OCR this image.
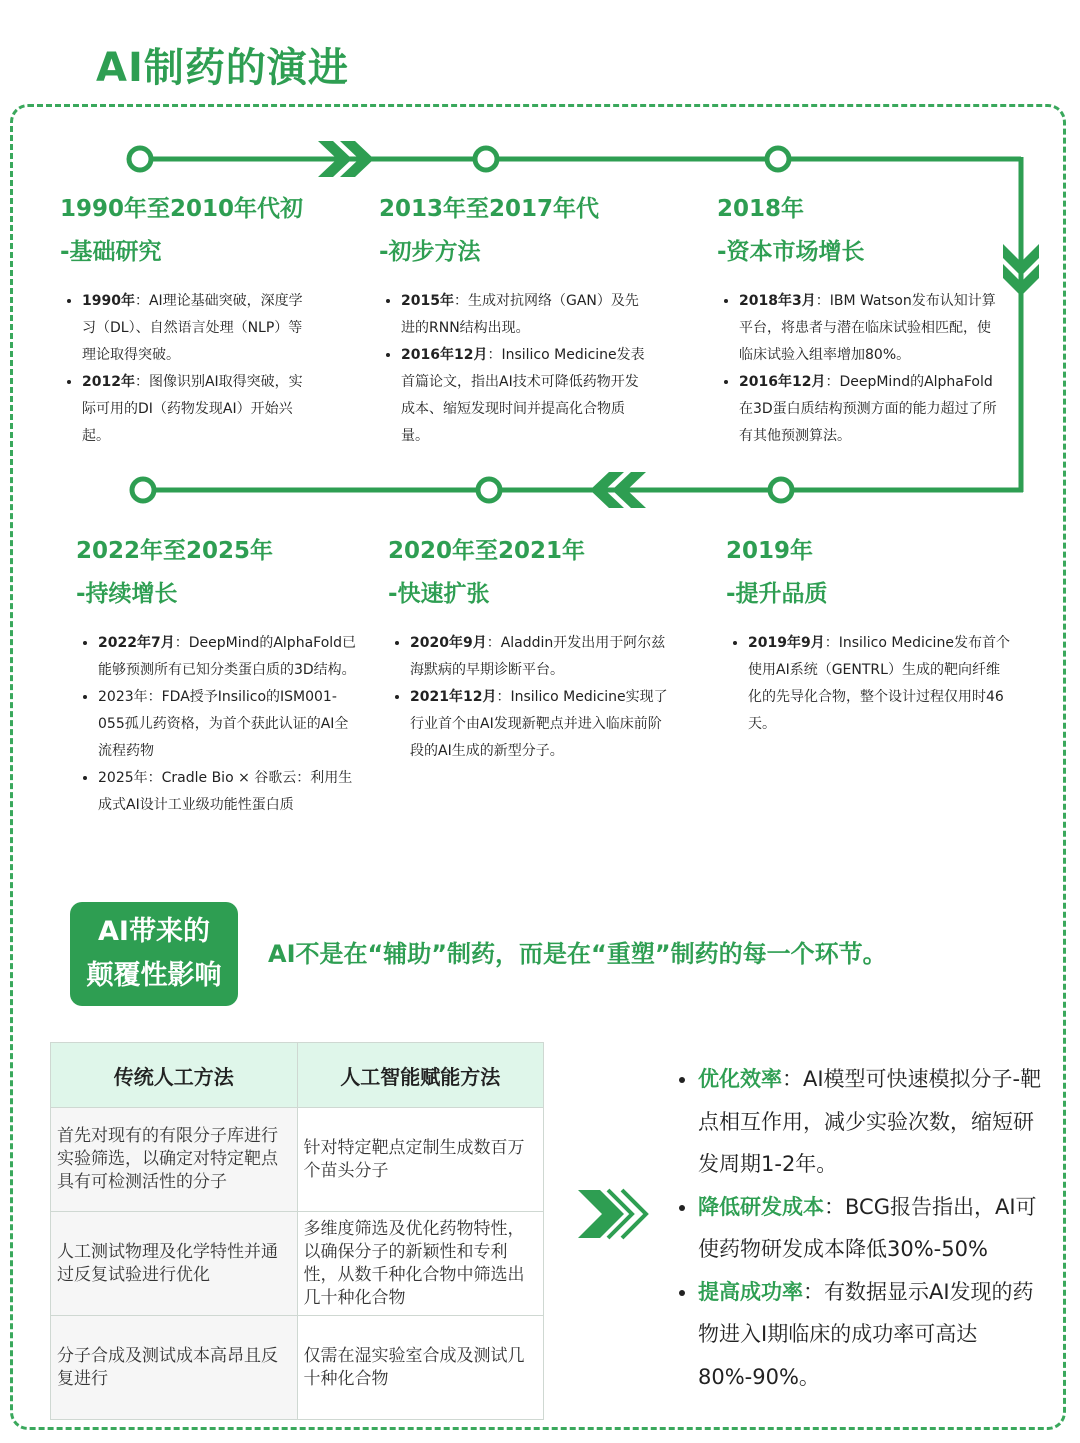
AI制药的演进
1990年至2010年代初
-基础研究
• 1990年：AI理论基础突破，深度学习（DL）、自然语言处理（NLP）等理论取得突破。
• 2012年：图像识别AI取得突破，实际可用的DI（药物发现AI）开始兴起。
2013年至2017年代
-初步方法
• 2015年：生成对抗网络（GAN）及先进的RNN结构出现。
• 2016年12月：Insilico Medicine发表首篇论文，指出AI技术可降低药物开发成本、缩短发现时间并提高化合物质量。
2018年
-资本市场增长
• 2018年3月：IBM Watson发布认知计算平台，将患者与潜在临床试验相匹配，使临床试验入组率增加80%。
• 2016年12月：DeepMind的AlphaFold在3D蛋白质结构预测方面的能力超过了所有其他预测算法。
2022年至2025年
-持续增长
• 2022年7月：DeepMind的AlphaFold已能够预测所有已知分类蛋白质的3D结构。
• 2023年：FDA授予Insilico的ISM001-055孤儿药资格，为首个获此认证的AI全流程药物
• 2025年：Cradle Bio × 谷歌云：利用生成式AI设计工业级功能性蛋白质
2020年至2021年
-快速扩张
• 2020年9月：Aladdin开发出用于阿尔兹海默病的早期诊断平台。
• 2021年12月：Insilico Medicine实现了行业首个由AI发现新靶点并进入临床前阶段的AI生成的新型分子。
2019年
-提升品质
• 2019年9月：Insilico Medicine发布首个使用AI系统（GENTRL）生成的靶向纤维化的先导化合物，整个设计过程仅用时46天。
AI带来的
颠覆性影响
AI不是在“辅助”制药，而是在“重塑”制药的每一个环节。
传统人工方法	人工智能赋能方法
首先对现有的有限分子库进行实验筛选，以确定对特定靶点具有可检测活性的分子	针对特定靶点定制生成数百万个苗头分子
人工测试物理及化学特性并通过反复试验进行优化	多维度筛选及优化药物特性，以确保分子的新颖性和专利性，从数千种化合物中筛选出几十种化合物
分子合成及测试成本高昂且反复进行	仅需在湿实验室合成及测试几十种化合物
• 优化效率：AI模型可快速模拟分子-靶点相互作用，减少实验次数，缩短研发周期1-2年。
• 降低研发成本：BCG报告指出，AI可使药物研发成本降低30%-50%
• 提高成功率：有数据显示AI发现的药物进入I期临床的成功率可高达80%-90%。
